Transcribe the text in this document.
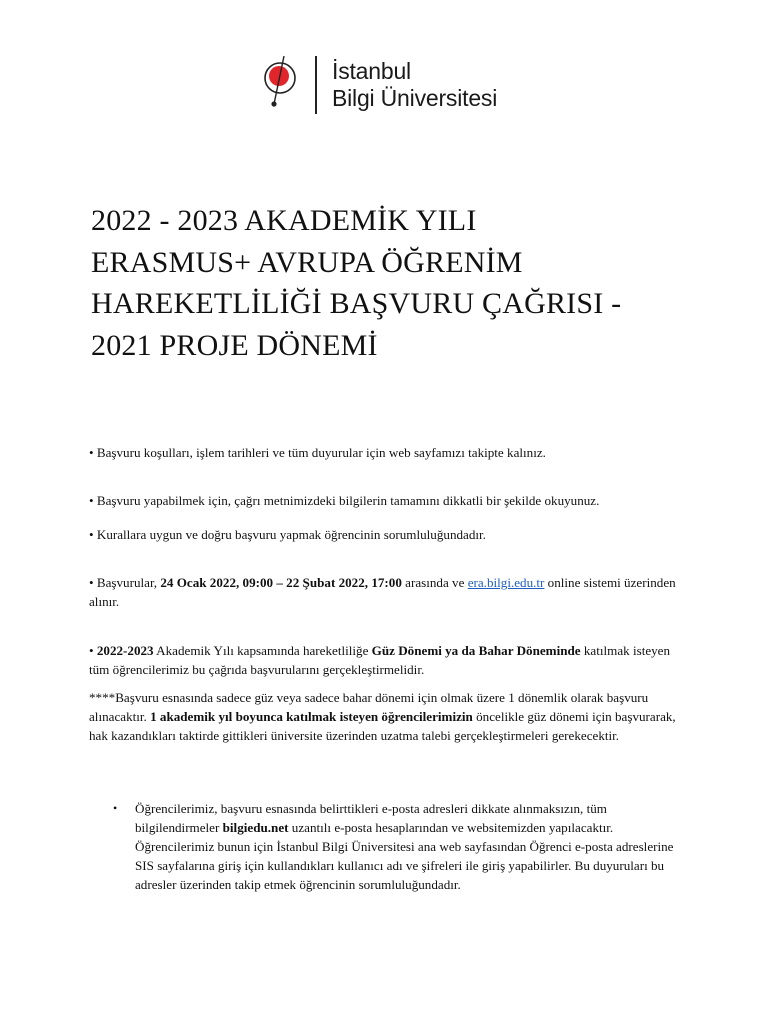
İstanbul
Bilgi Üniversitesi
2022 - 2023 AKADEMİK YILI
ERASMUS+ AVRUPA ÖĞRENİM
HAREKETLİLİĞİ BAŞVURU ÇAĞRISI -
2021 PROJE DÖNEMİ
• Başvuru koşulları, işlem tarihleri ve tüm duyurular için web sayfamızı takipte kalınız.
• Başvuru yapabilmek için, çağrı metnimizdeki bilgilerin tamamını dikkatli bir şekilde okuyunuz.
• Kurallara uygun ve doğru başvuru yapmak öğrencinin sorumluluğundadır.
• Başvurular, 24 Ocak 2022, 09:00 – 22 Şubat 2022, 17:00 arasında ve era.bilgi.edu.tr online sistemi üzerinden alınır.
• 2022-2023 Akademik Yılı kapsamında hareketliliğe Güz Dönemi ya da Bahar Döneminde katılmak isteyen tüm öğrencilerimiz bu çağrıda başvurularını gerçekleştirmelidir.
****Başvuru esnasında sadece güz veya sadece bahar dönemi için olmak üzere 1 dönemlik olarak başvuru alınacaktır. 1 akademik yıl boyunca katılmak isteyen öğrencilerimizin öncelikle güz dönemi için başvurarak, hak kazandıkları taktirde gittikleri üniversite üzerinden uzatma talebi gerçekleştirmeleri gerekecektir.
• Öğrencilerimiz, başvuru esnasında belirttikleri e-posta adresleri dikkate alınmaksızın, tüm bilgilendirmeler bilgiedu.net uzantılı e-posta hesaplarından ve websitemizden yapılacaktır. Öğrencilerimiz bunun için İstanbul Bilgi Üniversitesi ana web sayfasından Öğrenci e-posta adreslerine SIS sayfalarına giriş için kullandıkları kullanıcı adı ve şifreleri ile giriş yapabilirler. Bu duyuruları bu adresler üzerinden takip etmek öğrencinin sorumluluğundadır.
